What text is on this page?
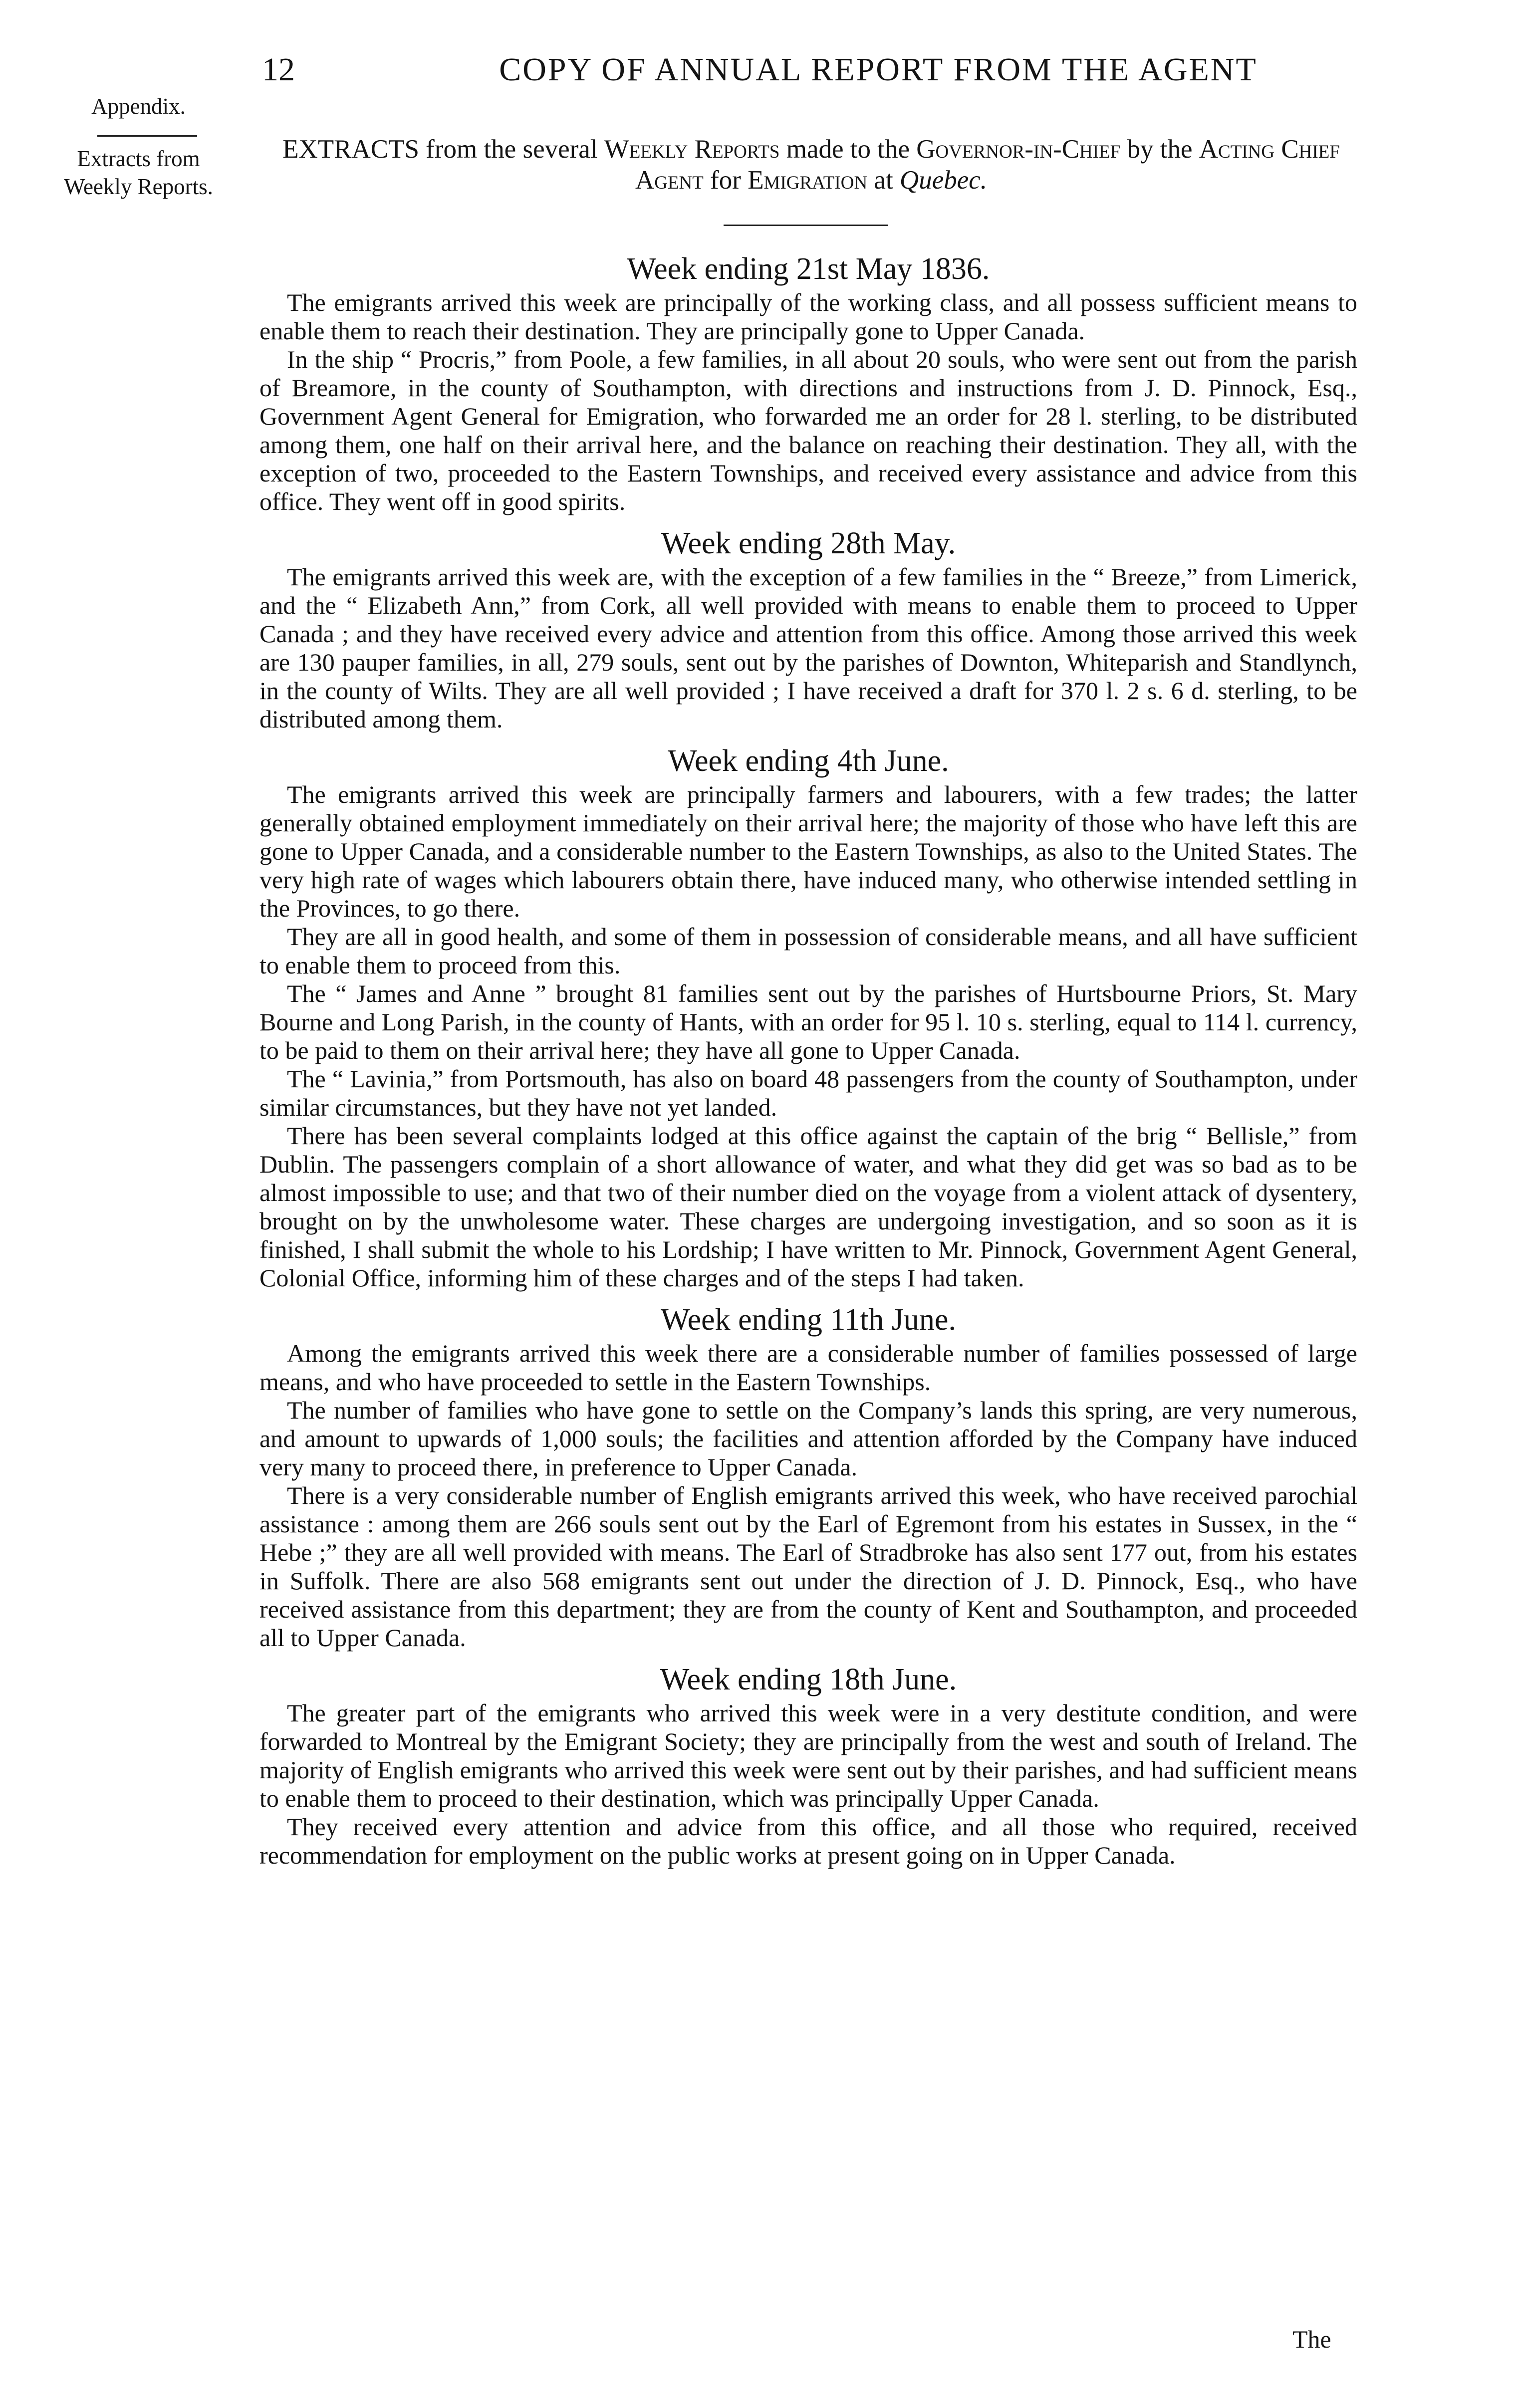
Appendix.
Extracts from
Weekly Reports.
12	COPY OF ANNUAL REPORT FROM THE AGENT
EXTRACTS from the several Weekly Reports made to the Governor-in-Chief by the Acting Chief Agent for Emigration at Quebec.
Week ending 21st May 1836.

The emigrants arrived this week are principally of the working class, and all possess sufficient means to enable them to reach their destination. They are principally gone to Upper Canada.

In the ship “ Procris,” from Poole, a few families, in all about 20 souls, who were sent out from the parish of Breamore, in the county of Southampton, with directions and instructions from J. D. Pinnock, Esq., Government Agent General for Emigration, who forwarded me an order for 28 l. sterling, to be distributed among them, one half on their arrival here, and the balance on reaching their destination. They all, with the exception of two, proceeded to the Eastern Townships, and received every assistance and advice from this office. They went off in good spirits.

Week ending 28th May.

The emigrants arrived this week are, with the exception of a few families in the “ Breeze,” from Limerick, and the “ Elizabeth Ann,” from Cork, all well provided with means to enable them to proceed to Upper Canada ; and they have received every advice and attention from this office. Among those arrived this week are 130 pauper families, in all, 279 souls, sent out by the parishes of Downton, Whiteparish and Standlynch, in the county of Wilts. They are all well provided ; I have received a draft for 370 l. 2 s. 6 d. sterling, to be distributed among them.

Week ending 4th June.

The emigrants arrived this week are principally farmers and labourers, with a few trades; the latter generally obtained employment immediately on their arrival here; the majority of those who have left this are gone to Upper Canada, and a considerable number to the Eastern Townships, as also to the United States. The very high rate of wages which labourers obtain there, have induced many, who otherwise intended settling in the Provinces, to go there.

They are all in good health, and some of them in possession of considerable means, and all have sufficient to enable them to proceed from this.

The “ James and Anne ” brought 81 families sent out by the parishes of Hurtsbourne Priors, St. Mary Bourne and Long Parish, in the county of Hants, with an order for 95 l. 10 s. sterling, equal to 114 l. currency, to be paid to them on their arrival here; they have all gone to Upper Canada.

The “ Lavinia,” from Portsmouth, has also on board 48 passengers from the county of Southampton, under similar circumstances, but they have not yet landed.

There has been several complaints lodged at this office against the captain of the brig “ Bellisle,” from Dublin. The passengers complain of a short allowance of water, and what they did get was so bad as to be almost impossible to use; and that two of their number died on the voyage from a violent attack of dysentery, brought on by the unwholesome water. These charges are undergoing investigation, and so soon as it is finished, I shall submit the whole to his Lordship; I have written to Mr. Pinnock, Government Agent General, Colonial Office, informing him of these charges and of the steps I had taken.

Week ending 11th June.

Among the emigrants arrived this week there are a considerable number of families possessed of large means, and who have proceeded to settle in the Eastern Townships.

The number of families who have gone to settle on the Company’s lands this spring, are very numerous, and amount to upwards of 1,000 souls; the facilities and attention afforded by the Company have induced very many to proceed there, in preference to Upper Canada.

There is a very considerable number of English emigrants arrived this week, who have received parochial assistance : among them are 266 souls sent out by the Earl of Egremont from his estates in Sussex, in the “ Hebe ;” they are all well provided with means. The Earl of Stradbroke has also sent 177 out, from his estates in Suffolk. There are also 568 emigrants sent out under the direction of J. D. Pinnock, Esq., who have received assistance from this department; they are from the county of Kent and Southampton, and proceeded all to Upper Canada.

Week ending 18th June.

The greater part of the emigrants who arrived this week were in a very destitute condition, and were forwarded to Montreal by the Emigrant Society; they are principally from the west and south of Ireland. The majority of English emigrants who arrived this week were sent out by their parishes, and had sufficient means to enable them to proceed to their destination, which was principally Upper Canada.

They received every attention and advice from this office, and all those who required, received recommendation for employment on the public works at present going on in Upper Canada.

The
